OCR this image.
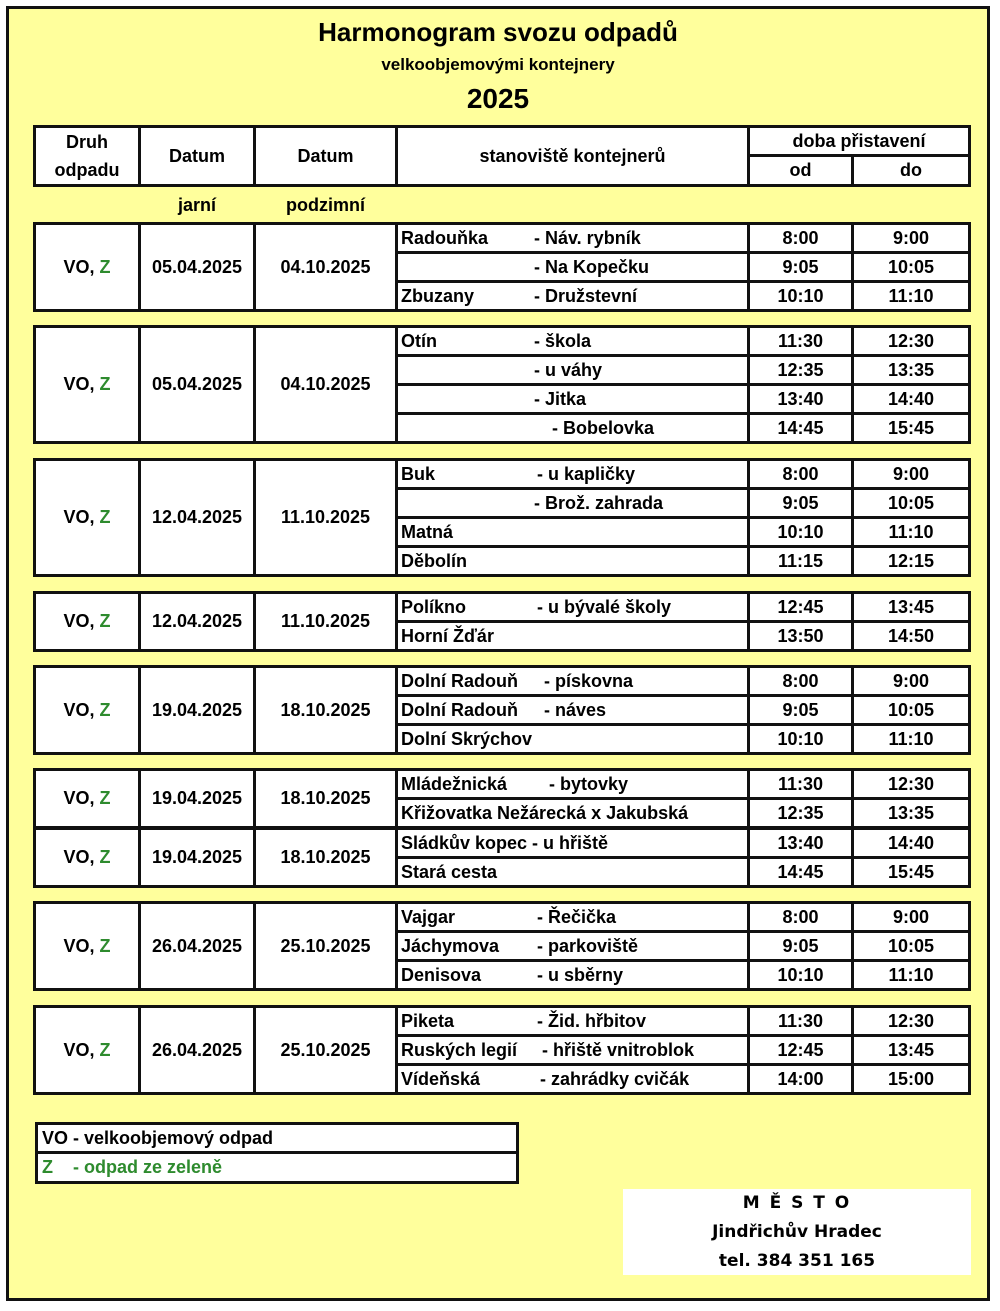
Harmonogram svozu odpadů
velkoobjemovými kontejnery
2025
Druh odpadu
Datum	Datum	stanoviště kontejnerů
doba přistavení
od	do
jarní	podzimní
VO, Z	05.04.2025	04.10.2025
Radouňka	- Náv. rybník	8:00	9:00
- Na Kopečku	9:05	10:05
Zbuzany	- Družstevní	10:10	11:10
VO, Z	05.04.2025	04.10.2025
Otín	- škola	11:30	12:30
- u váhy	12:35	13:35
- Jitka	13:40	14:40
- Bobelovka	14:45	15:45
VO, Z	12.04.2025	11.10.2025
Buk	- u kapličky	8:00	9:00
- Brož. zahrada	9:05	10:05
Matná	10:10	11:10
Děbolín	11:15	12:15
VO, Z	12.04.2025	11.10.2025
Políkno	- u bývalé školy	12:45	13:45
Horní Žďár	13:50	14:50
VO, Z	19.04.2025	18.10.2025
Dolní Radouň - pískovna	8:00	9:00
Dolní Radouň - náves	9:05	10:05
Dolní Skrýchov	10:10	11:10
VO, Z	19.04.2025	18.10.2025
Mládežnická - bytovky	11:30	12:30
Křižovatka Nežárecká x Jakubská	12:35	13:35
VO, Z	19.04.2025	18.10.2025
Sládkův kopec - u hřiště	13:40	14:40
Stará cesta	14:45	15:45
VO, Z	26.04.2025	25.10.2025
Vajgar	- Řečička	8:00	9:00
Jáchymova - parkoviště	9:05	10:05
Denisova	- u sběrny	10:10	11:10
VO, Z	26.04.2025	25.10.2025
Piketa	- Žid. hřbitov	11:30	12:30
Ruských legií - hřiště vnitroblok	12:45	13:45
Vídeňská	- zahrádky cvičák	14:00	15:00
VO - velkoobjemový odpad
Z    - odpad ze zeleně
M Ě S T O
Jindřichův Hradec
tel. 384 351 165
